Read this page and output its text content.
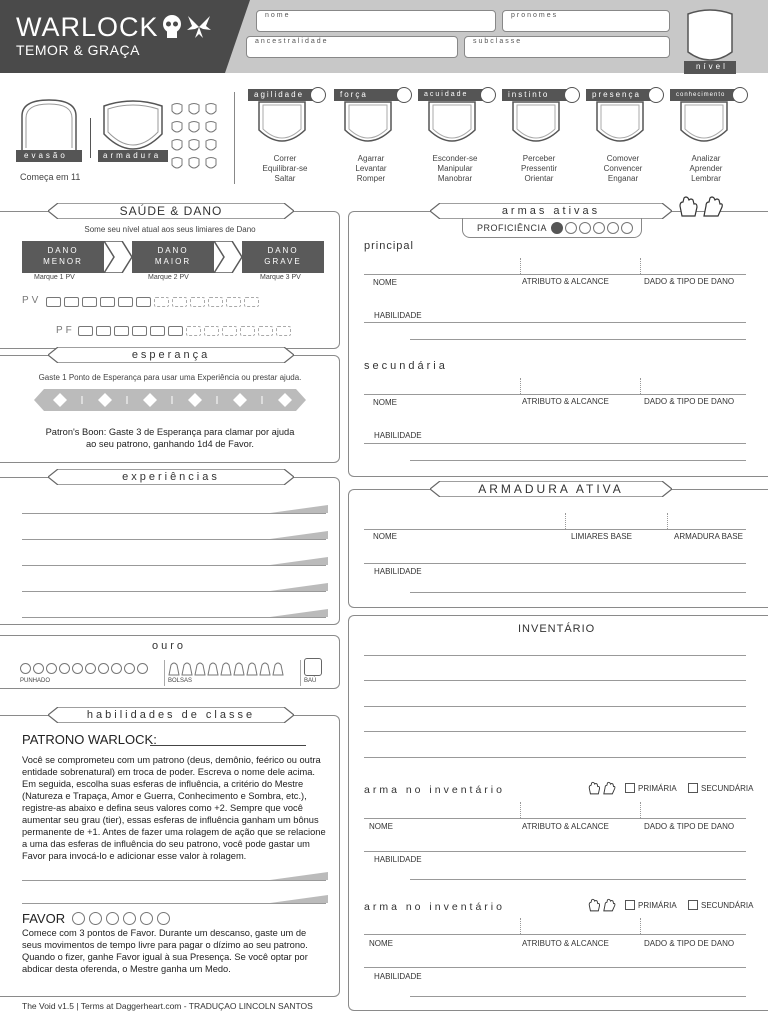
WARLOCK
TEMOR & GRAÇA
nome	pronomes
ancestralidade	subclasse
nível
evasão
Começa em 11
armadura
agilidade
Correr
Equilibrar-se
Saltar
força
Agarrar
Levantar
Romper
acuidade
Esconder-se
Manipular
Manobrar
instinto
Perceber
Pressentir
Orientar
presença
Comover
Convencer
Enganar
conhecimento
Analizar
Aprender
Lembrar
SAÚDE & DANO
Some seu nível atual aos seus limiares de Dano
DANO MENOR
DANO MAIOR
DANO GRAVE
Marque 1 PV	Marque 2 PV	Marque 3 PV
PV
PF
esperança
Gaste 1 Ponto de Esperança para usar uma Experiência ou prestar ajuda.
Patron's Boon: Gaste 3 de Esperança para clamar por ajuda
ao seu patrono, ganhando 1d4 de Favor.
experiências
ouro
PUNHADO	BOLSAS	BAÚ
habilidades de classe
PATRONO WARLOCK:
Você se comprometeu com um patrono (deus, demônio, feérico ou outra entidade sobrenatural) em troca de poder. Escreva o nome dele acima. Em seguida, escolha suas esferas de influência, a critério do Mestre (Natureza e Trapaça, Amor e Guerra, Conhecimento e Sombra, etc.), registre-as abaixo e defina seus valores como +2. Sempre que você aumentar seu grau (tier), essas esferas de influência ganham um bônus permanente de +1. Antes de fazer uma rolagem de ação que se relacione a uma das esferas de influência do seu patrono, você pode gastar um Favor para invocá-lo e adicionar esse valor à rolagem.
FAVOR
Comece com 3 pontos de Favor. Durante um descanso, gaste um de seus movimentos de tempo livre para pagar o dízimo ao seu patrono. Quando o fizer, ganhe Favor igual à sua Presença. Se você optar por abdicar desta oferenda, o Mestre ganha um Medo.
The Void v1.5 | Terms at Daggerheart.com - TRADUÇAO LINCOLN SANTOS
armas ativas
PROFICIÊNCIA
principal
NOME	ATRIBUTO & ALCANCE	DADO & TIPO DE DANO
HABILIDADE
secundária
NOME	ATRIBUTO & ALCANCE	DADO & TIPO DE DANO
HABILIDADE
ARMADURA ATIVA
NOME	LIMIARES BASE	ARMADURA BASE
HABILIDADE
INVENTÁRIO
arma no inventário	PRIMÁRIA	SECUNDÁRIA
NOME	ATRIBUTO & ALCANCE	DADO & TIPO DE DANO
HABILIDADE
arma no inventário	PRIMÁRIA	SECUNDÁRIA
NOME	ATRIBUTO & ALCANCE	DADO & TIPO DE DANO
HABILIDADE
